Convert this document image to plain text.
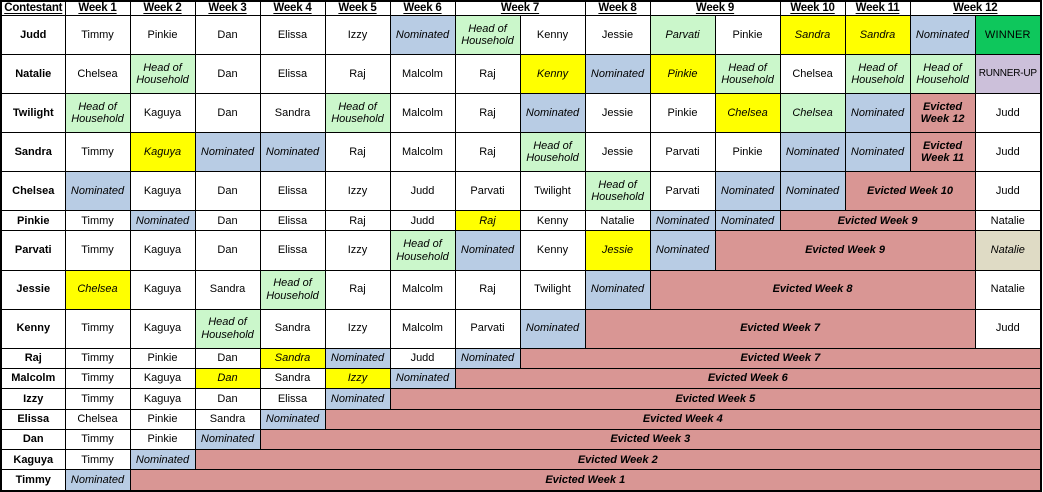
Contestant	Week 1	Week 2	Week 3	Week 4	Week 5	Week 6	Week 7		Week 8	Week 9		Week 10	Week 11	Week 12	
Judd	Timmy	Pinkie	Dan	Elissa	Izzy	Nominated	Head of Household	Kenny	Jessie	Parvati	Pinkie	Sandra	Sandra	Nominated	WINNER
Natalie	Chelsea	Head of Household	Dan	Elissa	Raj	Malcolm	Raj	Kenny	Nominated	Pinkie	Head of Household	Chelsea	Head of Household	Head of Household	RUNNER-UP
Twilight	Head of Household	Kaguya	Dan	Sandra	Head of Household	Malcolm	Raj	Nominated	Jessie	Pinkie	Chelsea	Chelsea	Nominated	Evicted Week 12	Judd
Sandra	Timmy	Kaguya	Nominated	Nominated	Raj	Malcolm	Raj	Head of Household	Jessie	Parvati	Pinkie	Nominated	Nominated	Evicted Week 11	Judd
Chelsea	Nominated	Kaguya	Dan	Elissa	Izzy	Judd	Parvati	Twilight	Head of Household	Parvati	Nominated	Nominated	Evicted Week 10		Judd
Pinkie	Timmy	Nominated	Dan	Elissa	Raj	Judd	Raj	Kenny	Natalie	Nominated	Nominated	Evicted Week 9			Natalie
Parvati	Timmy	Kaguya	Dan	Elissa	Izzy	Head of Household	Nominated	Kenny	Jessie	Nominated	Evicted Week 9				Natalie
Jessie	Chelsea	Kaguya	Sandra	Head of Household	Raj	Malcolm	Raj	Twilight	Nominated	Evicted Week 8					Natalie
Kenny	Timmy	Kaguya	Head of Household	Sandra	Izzy	Malcolm	Parvati	Nominated	Evicted Week 7						Judd
Raj	Timmy	Pinkie	Dan	Sandra	Nominated	Judd	Nominated	Evicted Week 7							
Malcolm	Timmy	Kaguya	Dan	Sandra	Izzy	Nominated	Evicted Week 6								
Izzy	Timmy	Kaguya	Dan	Elissa	Nominated	Evicted Week 5									
Elissa	Chelsea	Pinkie	Sandra	Nominated	Evicted Week 4										
Dan	Timmy	Pinkie	Nominated	Evicted Week 3											
Kaguya	Timmy	Nominated	Evicted Week 2												
Timmy	Nominated	Evicted Week 1													
